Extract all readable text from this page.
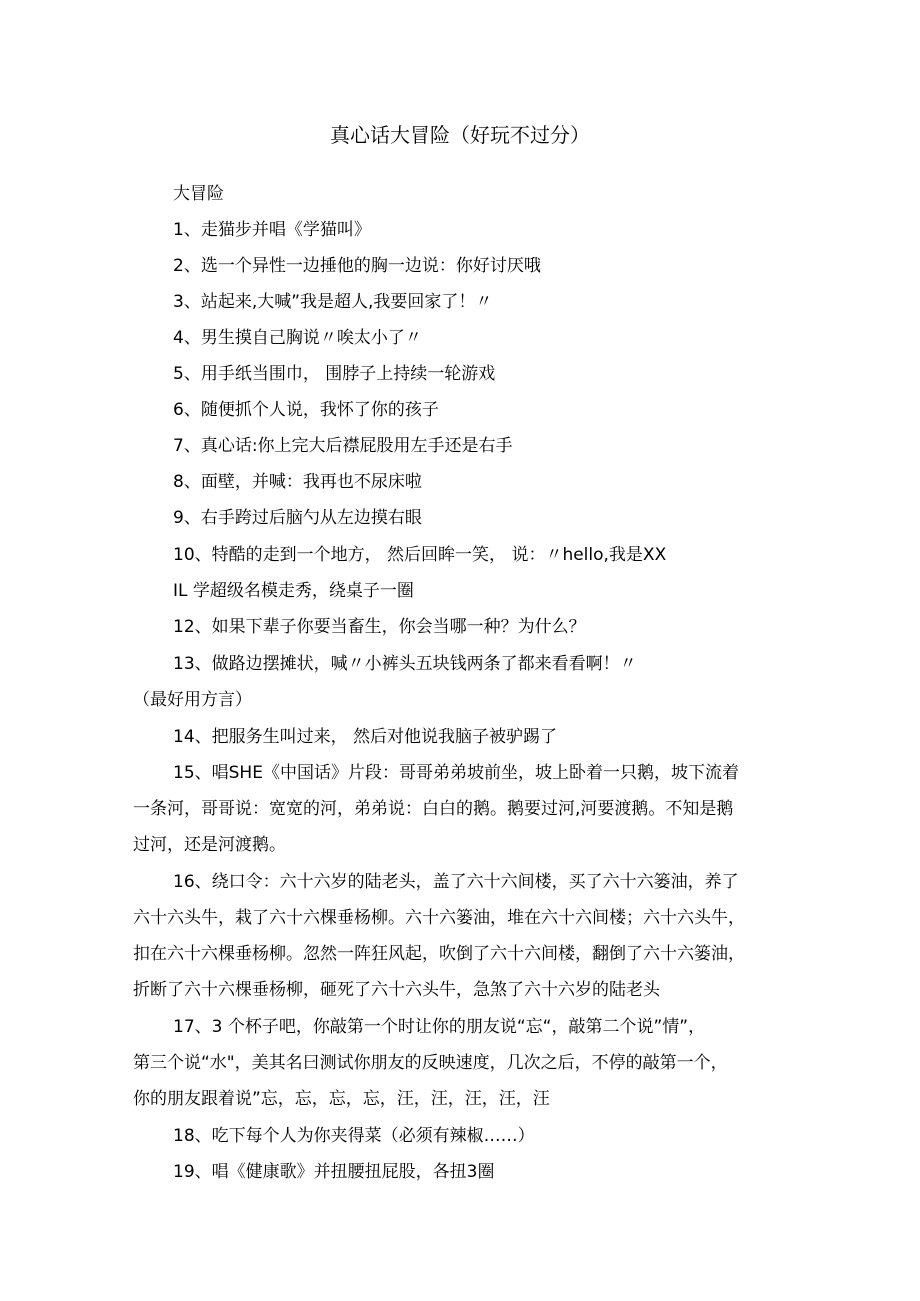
真心话大冒险（好玩不过分）
大冒险
1、走猫步并唱《学猫叫》
2、选一个异性一边捶他的胸一边说：你好讨厌哦
3、站起来,大喊”我是超人,我要回家了！〃
4、男生摸自己胸说〃唉太小了〃
5、用手纸当围巾， 围脖子上持续一轮游戏
6、随便抓个人说，我怀了你的孩子
7、真心话:你上完大后襟屁股用左手还是右手
8、面壁，并喊：我再也不尿床啦
9、右手跨过后脑勺从左边摸右眼
10、特酷的走到一个地方， 然后回眸一笑， 说：〃hello,我是XX
IL 学超级名模走秀，绕桌子一圈
12、如果下辈子你要当畜生，你会当哪一种？为什么？
13、做路边摆摊状，喊〃小裤头五块钱两条了都来看看啊！〃
（最好用方言）
14、把服务生叫过来， 然后对他说我脑子被驴踢了
15、唱SHE《中国话》片段：哥哥弟弟坡前坐，坡上卧着一只鹅，坡下流着
一条河，哥哥说：宽宽的河，弟弟说：白白的鹅。鹅要过河,河要渡鹅。不知是鹅
过河，还是河渡鹅。
16、绕口令：六十六岁的陆老头，盖了六十六间楼，买了六十六篓油，养了
六十六头牛，栽了六十六棵垂杨柳。六十六篓油，堆在六十六间楼；六十六头牛，
扣在六十六棵垂杨柳。忽然一阵狂风起，吹倒了六十六间楼，翻倒了六十六篓油，
折断了六十六棵垂杨柳，砸死了六十六头牛，急煞了六十六岁的陆老头
17、3 个杯子吧，你敲第一个时让你的朋友说“忘“，敲第二个说”情”，
第三个说“水"，美其名曰测试你朋友的反映速度，几次之后，不停的敲第一个，
你的朋友跟着说”忘，忘，忘，忘，汪，汪，汪，汪，汪
18、吃下每个人为你夹得菜（必须有辣椒……）
19、唱《健康歌》并扭腰扭屁股，各扭3圈
